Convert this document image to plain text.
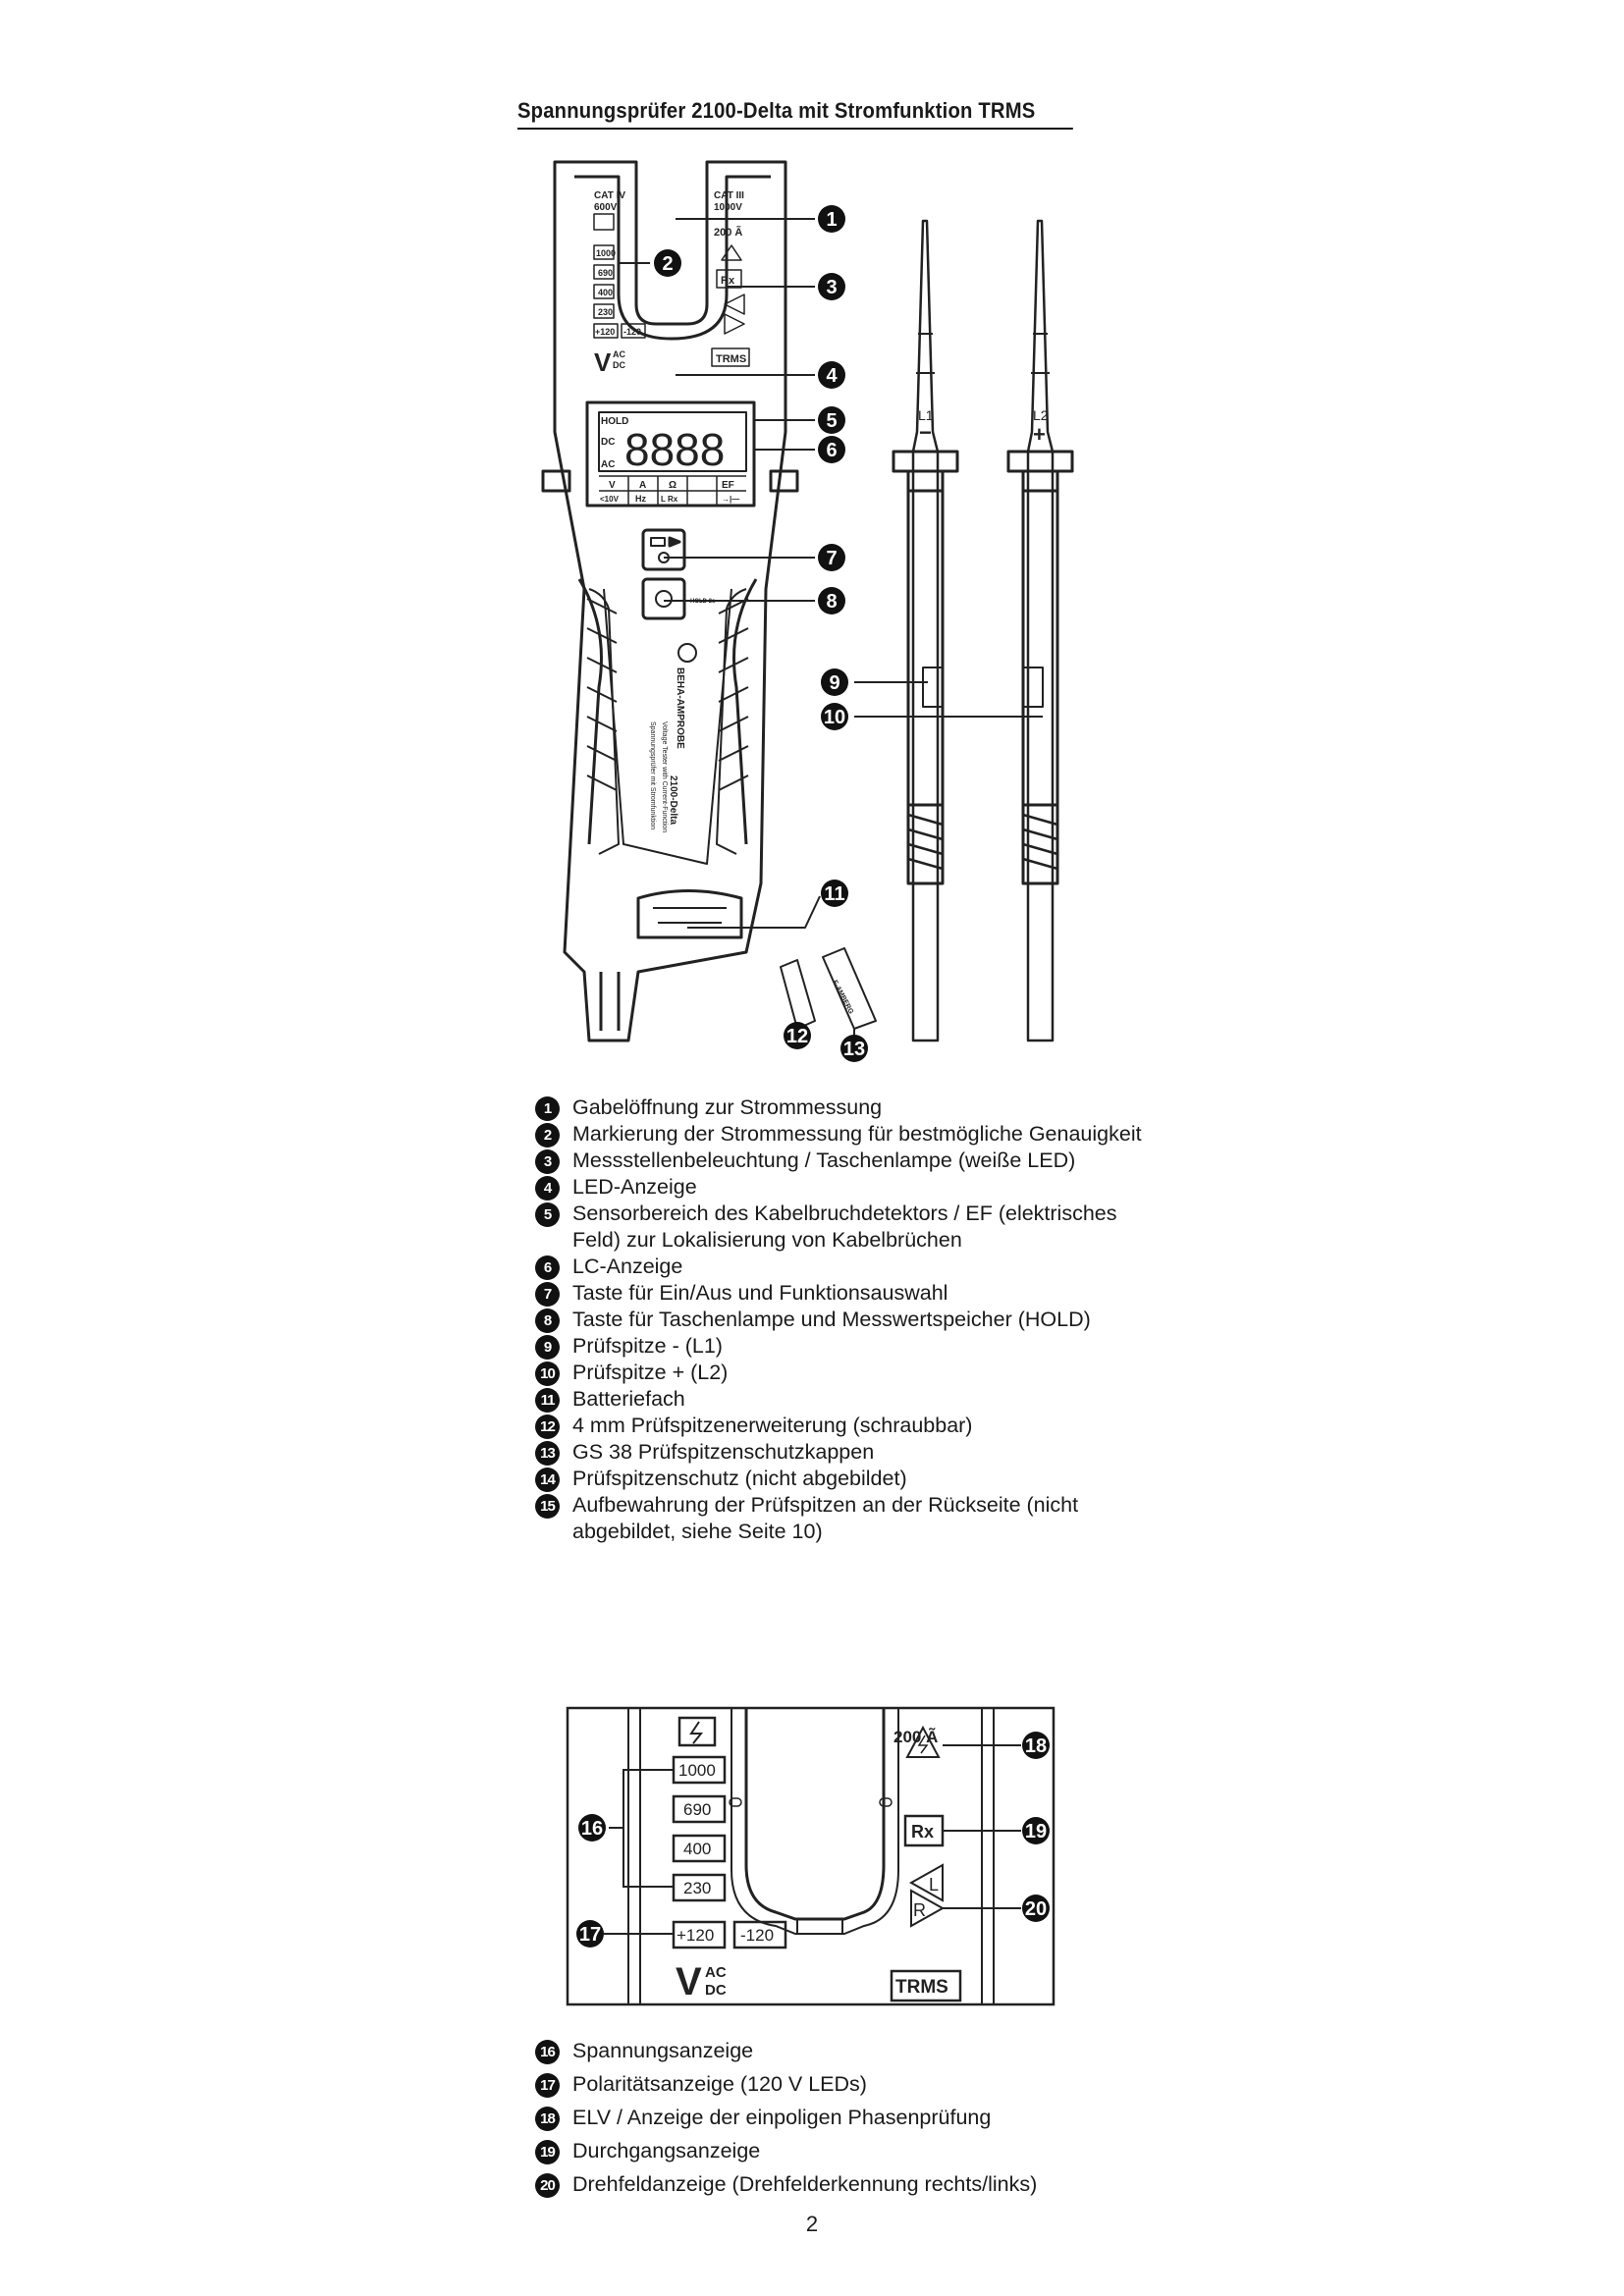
Spannungsprüfer 2100-Delta mit Stromfunktion TRMS
CAT IV
600V
CAT III
1000V
200 Ã
1000
690
400
230
+120 -120
Rx
TRMS
V AC
DC
HOLD
DC
AC 8888
V A Ω	EF
<10V Hz L Rx	→|—
HOLD 2s
BEHA-AMPROBE
Voltage Tester with Current-Function
Spannungsprüfer mit Stromfunktion 2100-Delta
L1
−
L2
+
F-AMBERG
1
2
3
4
5
6
7
8
9
10
11
12
13
1	Gabelöffnung zur Strommessung
2	Markierung der Strommessung für bestmögliche Genauigkeit
3	Messstellenbeleuchtung / Taschenlampe (weiße LED)
4	LED-Anzeige
5	Sensorbereich des Kabelbruchdetektors / EF (elektrisches Feld) zur Lokalisierung von Kabelbrüchen
6	LC-Anzeige
7	Taste für Ein/Aus und Funktionsauswahl
8	Taste für Taschenlampe und Messwertspeicher (HOLD)
9	Prüfspitze - (L1)
10 Prüfspitze + (L2)
11 Batteriefach
12 4 mm Prüfspitzenerweiterung (schraubbar)
13 GS 38 Prüfspitzenschutzkappen
14 Prüfspitzenschutz (nicht abgebildet)
15 Aufbewahrung der Prüfspitzen an der Rückseite (nicht abgebildet, siehe Seite 10)
200 Ã
1000
690
400
230
+120 -120
Rx
L
R
TRMS
V AC
DC
16
17
18
19
20
16 Spannungsanzeige
17 Polaritätsanzeige (120 V LEDs)
18 ELV / Anzeige der einpoligen Phasenprüfung
19 Durchgangsanzeige
20 Drehfeldanzeige (Drehfelderkennung rechts/links)
2
